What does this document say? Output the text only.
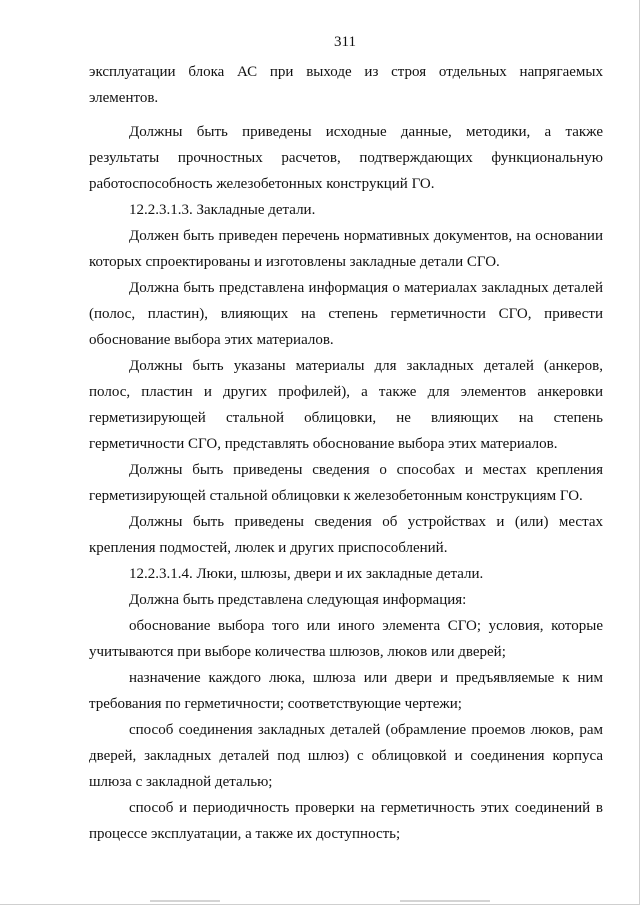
311

эксплуатации блока АС при выходе из строя отдельных напрягаемых элементов.

Должны быть приведены исходные данные, методики, а также результаты прочностных расчетов, подтверждающих функциональную работоспособность железобетонных конструкций ГО.

12.2.3.1.3. Закладные детали.

Должен быть приведен перечень нормативных документов, на основании которых спроектированы и изготовлены закладные детали СГО.

Должна быть представлена информация о материалах закладных деталей (полос, пластин), влияющих на степень герметичности СГО, привести обоснование выбора этих материалов.

Должны быть указаны материалы для закладных деталей (анкеров, полос, пластин и других профилей), а также для элементов анкеровки герметизирующей стальной облицовки, не влияющих на степень герметичности СГО, представлять обоснование выбора этих материалов.

Должны быть приведены сведения о способах и местах крепления герметизирующей стальной облицовки к железобетонным конструкциям ГО.

Должны быть приведены сведения об устройствах и (или) местах крепления подмостей, люлек и других приспособлений.

12.2.3.1.4. Люки, шлюзы, двери и их закладные детали.

Должна быть представлена следующая информация:

обоснование выбора того или иного элемента СГО; условия, которые учитываются при выборе количества шлюзов, люков или дверей;

назначение каждого люка, шлюза или двери и предъявляемые к ним требования по герметичности; соответствующие чертежи;

способ соединения закладных деталей (обрамление проемов люков, рам дверей, закладных деталей под шлюз) с облицовкой и соединения корпуса шлюза с закладной деталью;

способ и периодичность проверки на герметичность этих соединений в процессе эксплуатации, а также их доступность;
